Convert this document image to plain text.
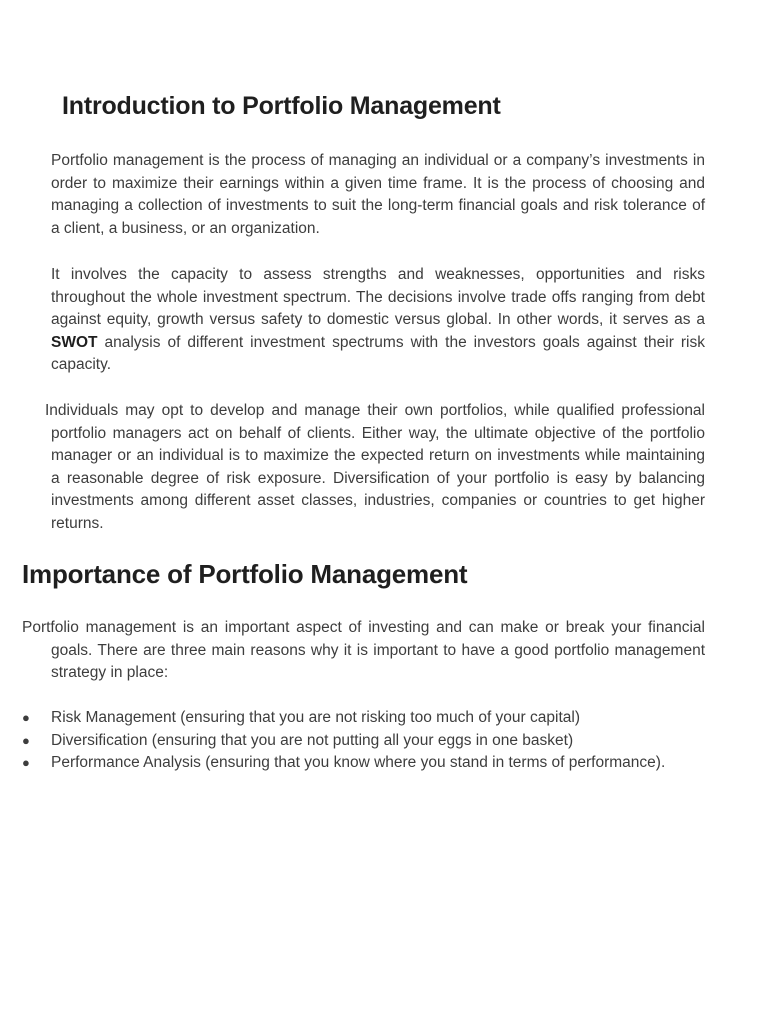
Introduction to Portfolio Management

Portfolio management is the process of managing an individual or a company’s investments in order to maximize their earnings within a given time frame. It is the process of choosing and managing a collection of investments to suit the long-term financial goals and risk tolerance of a client, a business, or an organization.

It involves the capacity to assess strengths and weaknesses, opportunities and risks throughout the whole investment spectrum. The decisions involve trade offs ranging from debt against equity, growth versus safety to domestic versus global. In other words, it serves as a SWOT analysis of different investment spectrums with the investors goals against their risk capacity.

Individuals may opt to develop and manage their own portfolios, while qualified professional portfolio managers act on behalf of clients. Either way, the ultimate objective of the portfolio manager or an individual is to maximize the expected return on investments while maintaining a reasonable degree of risk exposure. Diversification of your portfolio is easy by balancing investments among different asset classes, industries, companies or countries to get higher returns.

Importance of Portfolio Management

Portfolio management is an important aspect of investing and can make or break your financial goals. There are three main reasons why it is important to have a good portfolio management strategy in place:

● Risk Management (ensuring that you are not risking too much of your capital)
● Diversification (ensuring that you are not putting all your eggs in one basket)
● Performance Analysis (ensuring that you know where you stand in terms of performance).
